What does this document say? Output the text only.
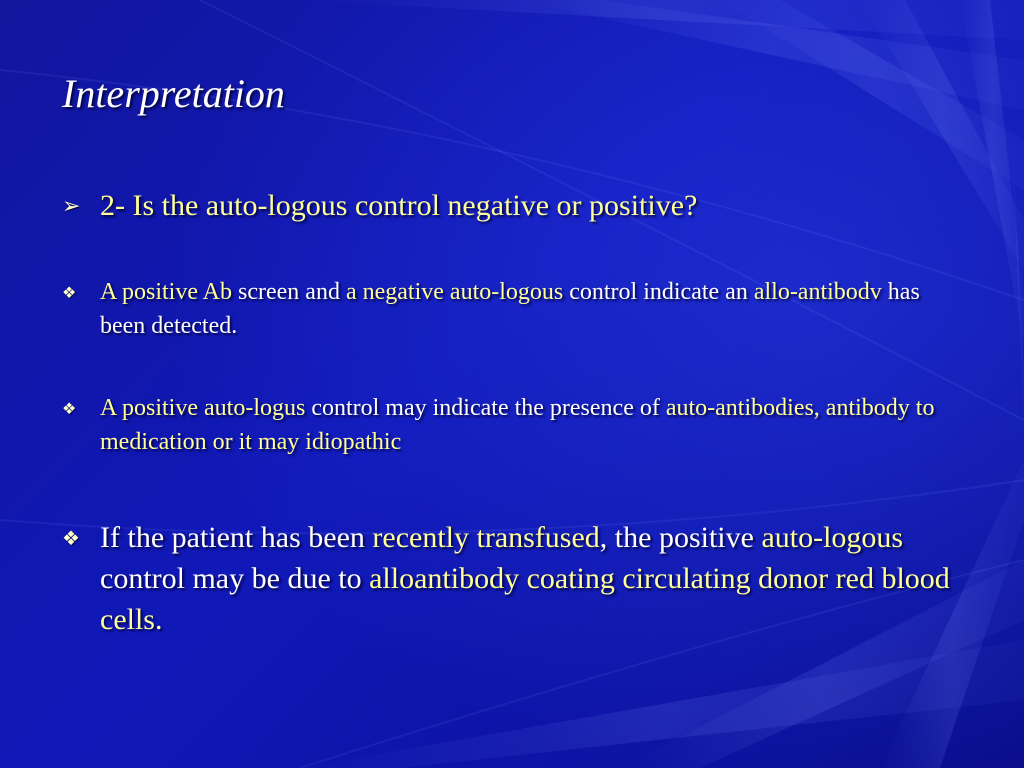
Interpretation
➢ 2- Is the auto-logous control negative or positive?
❖ A positive Ab screen and a negative auto-logous control indicate an allo-antibodv has been detected.
❖ A positive auto-logus control may indicate the presence of auto-antibodies, antibody to medication or it may idiopathic
❖ If the patient has been recently transfused, the positive auto-logous control may be due to alloantibody coating circulating donor red blood cells.
